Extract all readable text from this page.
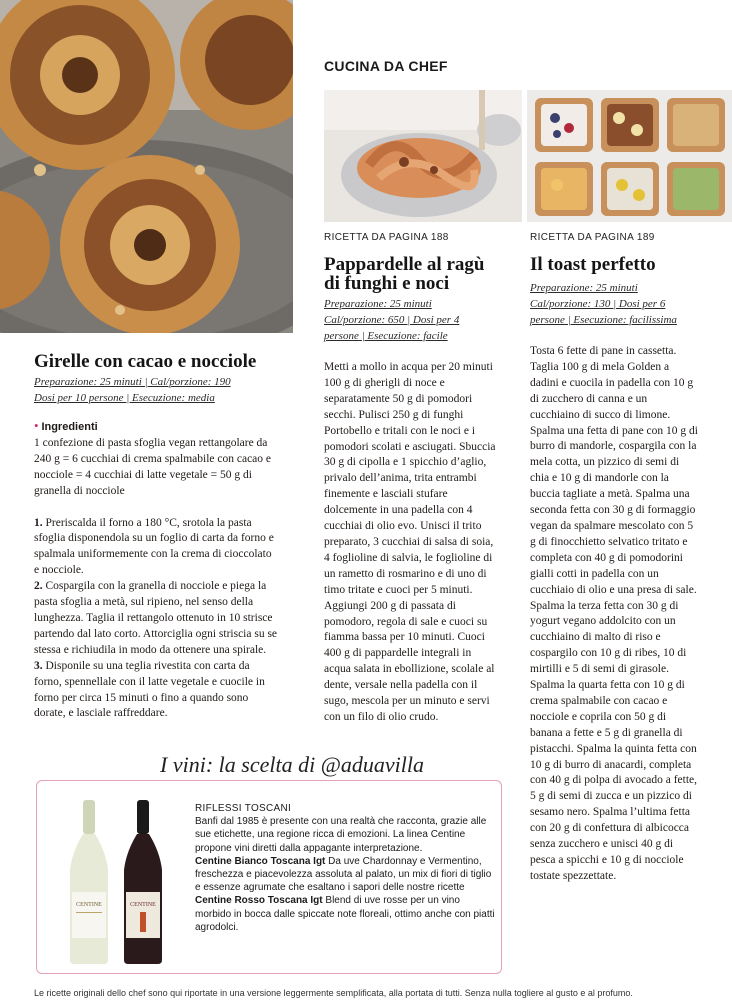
CUCINA DA CHEF
RICETTA DA PAGINA 188
Pappardelle al ragù
di funghi e noci
Preparazione: 25 minuti
Cal/porzione: 650 | Dosi per 4
persone | Esecuzione: facile
Metti a mollo in acqua per 20 minuti 100 g di gherigli di noce e separatamente 50 g di pomodori secchi. Pulisci 250 g di funghi Portobello e tritali con le noci e i pomodori scolati e asciugati. Sbuccia 30 g di cipolla e 1 spicchio d’aglio, privalo dell’anima, trita entrambi finemente e lasciali stufare dolcemente in una padella con 4 cucchiai di olio evo. Unisci il trito preparato, 3 cucchiai di salsa di soia, 4 foglioline di salvia, le foglioline di un rametto di rosmarino e di uno di timo tritate e cuoci per 5 minuti. Aggiungi 200 g di passata di pomodoro, regola di sale e cuoci su fiamma bassa per 10 minuti. Cuoci 400 g di pappardelle integrali in acqua salata in ebollizione, scolale al dente, versale nella padella con il sugo, mescola per un minuto e servi con un filo di olio crudo.
RICETTA DA PAGINA 189
Il toast perfetto
Preparazione: 25 minuti
Cal/porzione: 130 | Dosi per 6
persone | Esecuzione: facilissima
Tosta 6 fette di pane in cassetta. Taglia 100 g di mela Golden a dadini e cuocila in padella con 10 g di zucchero di canna e un cucchiaino di succo di limone. Spalma una fetta di pane con 10 g di burro di mandorle, cospargila con la mela cotta, un pizzico di semi di chia e 10 g di mandorle con la buccia tagliate a metà. Spalma una seconda fetta con 30 g di formaggio vegan da spalmare mescolato con 5 g di finocchietto selvatico tritato e completa con 40 g di pomodorini gialli cotti in padella con un cucchiaio di olio e una presa di sale. Spalma la terza fetta con 30 g di yogurt vegano addolcito con un cucchiaino di malto di riso e cospargilo con 10 g di ribes, 10 di mirtilli e 5 di semi di girasole. Spalma la quarta fetta con 10 g di crema spalmabile con cacao e nocciole e coprila con 50 g di banana a fette e 5 g di granella di pistacchi. Spalma la quinta fetta con 10 g di burro di anacardi, completa con 40 g di polpa di avocado a fette, 5 g di semi di zucca e un pizzico di sesamo nero. Spalma l’ultima fetta con 20 g di confettura di albicocca senza zucchero e unisci 40 g di pesca a spicchi e 10 g di nocciole tostate spezzettate.
Girelle con cacao e nocciole
Preparazione: 25 minuti | Cal/porzione: 190
Dosi per 10 persone | Esecuzione: media

• Ingredienti

1 confezione di pasta sfoglia vegan rettangolare da 240 g = 6 cucchiai di crema spalmabile con cacao e nocciole = 4 cucchiai di latte vegetale = 50 g di granella di nocciole

1. Preriscalda il forno a 180 °C, srotola la pasta sfoglia disponendola su un foglio di carta da forno e spalmala uniformemente con la crema di cioccolato e nocciole.

2. Cospargila con la granella di nocciole e piega la pasta sfoglia a metà, sul ripieno, nel senso della lunghezza. Taglia il rettangolo ottenuto in 10 strisce partendo dal lato corto. Attorciglia ogni striscia su se stessa e richiudila in modo da ottenere una spirale.

3. Disponile su una teglia rivestita con carta da forno, spennellale con il latte vegetale e cuocile in forno per circa 15 minuti o fino a quando sono dorate, e lasciale raffreddare.

I vini: la scelta di @aduavilla
CENTINE	CENTINE
RIFLESSI TOSCANI
Banfi dal 1985 è presente con una realtà che racconta, grazie alle sue etichette, una regione ricca di emozioni. La linea Centine propone vini diretti dalla appagante interpretazione.
Centine Bianco Toscana Igt Da uve Chardonnay e Vermentino, freschezza e piacevolezza assoluta al palato, un mix di fiori di tiglio e essenze agrumate che esaltano i sapori delle nostre ricette
Centine Rosso Toscana Igt Blend di uve rosse per un vino morbido in bocca dalle spiccate note floreali, ottimo anche con piatti agrodolci.
Le ricette originali dello chef sono qui riportate in una versione leggermente semplificata, alla portata di tutti. Senza nulla togliere al gusto e al profumo.
